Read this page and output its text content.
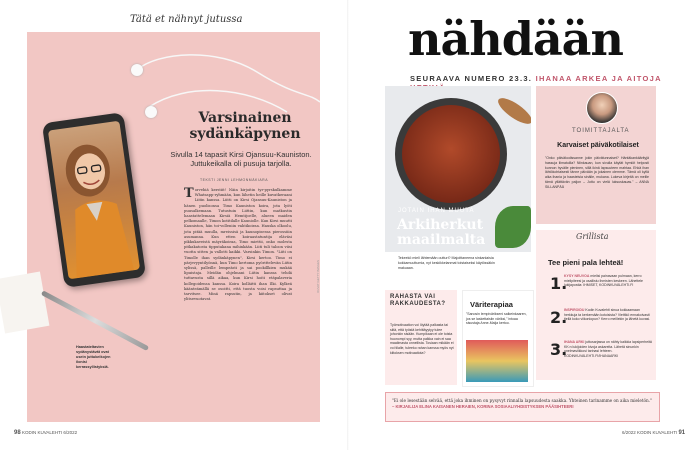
Tätä et nähnyt jutussa
Varsinainen sydänkäpynen
Sivulla 14 tapasit Kirsi Ojansuu-Kauniston. Juttukeikalla oli pusuja tarjolla.
TEKSTI JENNI LEHMONMÄKIARA
Torvehiä kerstiit! Näin kirjoitin tyr-pyrskulkamme Whatsapp-ryhmään, kun lähetin heille kuvatkeraani Liitin kanssa. Liitti on Kirsi Ojansuu-Kauniston ja hänen puolisonsa Timo Kauniston koira, jota lyöti puusalkemaan. Tutustuin Liittin, kun matkustin haastattelemaan Kirsiä Hemtijoelle, alueen maiden pelkomaalle, Timon kotitilalle Kauniolle. Kun Kirsi muutti Kauniston, hän toi-volleniin vahtikoiraa. Hauska olkoolu, jota pitää muulla, mreissisä ja kaunopisessa pierossiiin asumanna. Kun etten koiraastatuntija eläväsi pikkukaveistä mäyräkoiraa, Timo miettii, onko molesta pitkakatosta tipputakana mihinkään. Liiti tuli taloon viisi vuotta sitten ja vallotti kaikki. Varsinkin Timon. "Liiti on Timolle ihan sydänkäpynen", Kirsi kertoo. Timo ei pärjevyyntilyönnä, kun Timo kertoma pyörittelevän Liitin sylissä, palleille lempeästi ja sai pookillkien mukää lipuistaja. Meidän ohjelmani Liitin kanssa tehdä tuttavusta sillä aikaa, kun Kirsi hoiti etäpalaveria kollegoidensa kanssa. Koira kolläitti ihan Ilki. Kylkeä käänteämällä se osoitti, että tuosta voisi rapsuttaa ja tarvitsee. Minä rapsutin, ja kiitokset olivat ylitsevuotavat.
Haastateltavien sydänystävät ovat usein juttukeikojen ilonisi kerrassyllistyksiä.
KUVAT GETTY IMAGES
98 KODIN KUVALEHTI 6/2022
nähdään
SEURAAVA NUMERO 23.3. IHANAA ARKEA JA AITOJA
JOTAIN IHAN MUUTA
Arkiherkut maailmalta
Tekeekö mieli lähtemään outturi? Majoittaneena sinkanlaisia kokkamuuttumia, nyt keskikkelanmat toistaiseksi käytössäkin makuaan.
TOIMITTAJALTA
Karvaiset päiväkotilaiset
"Onko päiväkodissanne jokin päivätunnaiset? Häntäkankäärityjä hassuja liimatuilla? Niinkauan, kun sivulla käytät hymiöt helposti kunnon hyvälle pieninen, sillä ikinä lapsuuteen mahtaa. Ehkä ihan lähtökohtaisesti tänne päivään ja jokainen olemme. Tämä oli kyllä aika ihania ja haasteisia sinälle, mukana. Lukeva kirjeitä on meille tämä yllättävän paljon – Juttu on vielä luksuskauas." – ANNA SILLANPÄÄ
Grillista
Tee pieni pala lehteä!
1.
KYSY NEUVOA mielisi painavaan pulmaan, kerro mielipiteesi ja osallistu ihmisten keskeen. Lähettele lukijapostia: IHMISET, KODINKUVALEHTI.FI
2.
INSPIROIDU Kodin Kuvalehti sinua kokkaamaan herkkuja ta kerkemään kotoisista? Vietitkö ennakoivasti tiellä koko viikonlopun? Kerro meillekin ja lähetä kuvasi.
3.
IHANA ARKI juttusarjassa on nähty kaikkia lapsiperheitä KK:n lukijoiden kivoja askareita. Lähetä sinunkin unelmaviikkosi tarinasi lehteen. KODINKUVALEHTI.FI/IHANAARKI
RAHASTA VAI RAKKAUDESTA?
Työmotivaation voi löytää palkasta tai siitä, että työstä kehittäyytyy tulee johonkin sisään. Kumpikaan ei ole toista huonompi syy, mutta palkka vain ei saa maailmasta onnellista. Tosiaan mikään ei voi tilalle, tuleeko rahan kanssa myös nyt kiitoksen motivaatiota?
Väriterapiaa
"Sanosin lempivärikseni salkeinkaaren, jos se laskettaisiin väriksi," intoaa sisustaja Anne-Maija kertoo.
"Ei ole lesestään selvää, että joka ihminen on pysyvyt rinnalla lapsuudesta saakka. Yhteinen tarinamme on aika mieletön." – KIRJAILIJA ELINA KAISANEN HERAIEN, KORINA SOSIAALIYHDISTYKSEN PÄÄSIHTEERI
6/2022 KODIN KUVALEHTI 91
